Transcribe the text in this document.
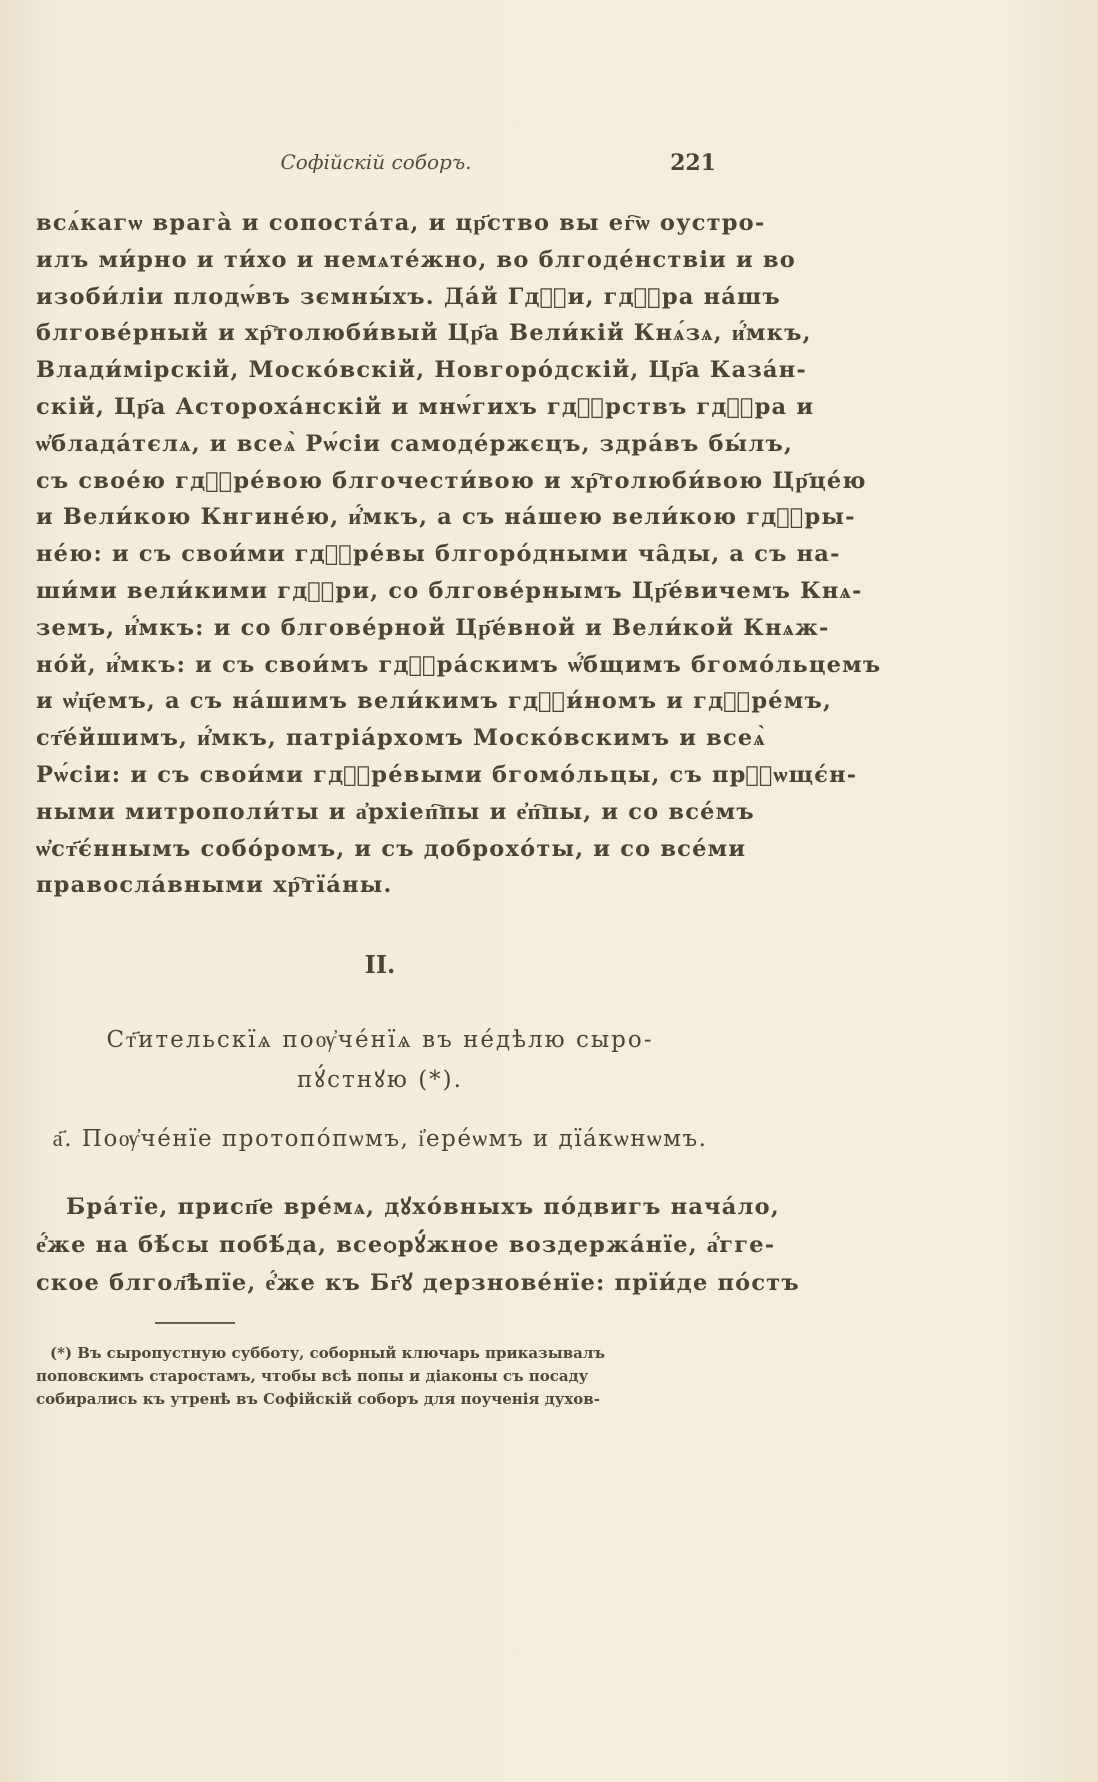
Софійскій соборъ.	221
всѧ́кагѡ врага̀ и сопоста́та, и цр҃ство вы ег҇ѡ оустро-
илъ ми́рно и ти́хо и немѧте́жно, во блгоде́нствіи и во
изоби́ліи плодѡ́въ зємны́хъ. Да́й Гдⷭ҇и, гдⷭ҇ра на́шъ
блгове́рный и хр҇толюби́вый Цр҃а Вели́кій Кнѧ́зѧ, и҆́мкъ,
Влади́мірскій, Моско́вскій, Новгоро́дскій, Цр҃а Каза́н-
скій, Цр҃а Астороха́нскій и мнѡ́гихъ гдⷭ҇рствъ гдⷭ҇ра и
ѡ҆блада́тєлѧ, и всеѧ̀ Рѡ́сіи самоде́ржєцъ, здра́въ бы́лъ,
съ свое́ю гдⷭ҇ре́вою блгочести́вою и хр҇толюби́вою Цр҃це́ю
и Вели́кою Кнгине́ю, и҆́мкъ, а съ на́шею вели́кою гдⷭ҇ры-
не́ю: и съ свои́ми гдⷭ҇ре́вы блгоро́дными ча̑ды, а съ на-
ши́ми вели́кими гдⷭ҇ри, со блгове́рнымъ Цр҃е́вичемъ Кнѧ-
земъ, и҆́мкъ: и со блгове́рной Цр҃е́вной и Вели́кой Кнѧж-
но́й, и҆́мкъ: и съ свои́мъ гдⷭ҇ра́скимъ ѡ҆́бщимъ бгомо́льцемъ
и ѡ҆ц҃емъ, а съ на́шимъ вели́кимъ гдⷭ҇и́номъ и гдⷭ҇ре́мъ,
ст҃е́йшимъ, и҆́мкъ, патріа́рхомъ Моско́вскимъ и всеѧ̀
Рѡ́сіи: и съ свои́ми гдⷭ҇ре́выми бгомо́льцы, съ прⷭ҇ѡщє́н-
ными митрополи́ты и а҆рхіеп҇пы и е҆п҇пы, и со все́мъ
ѡ҆ст҃є́ннымъ собо́ромъ, и съ доброхо́ты, и со все́ми
правосла́вными хр҇тїа́ны.
II.
Ст҃ительскїѧ поѹ҆че́нїѧ въ не́дѣлю сыро-
пꙋ́стнꙋю (*).
а҃. Поѹ҆че́нїе протопо́пѡмъ, і҆ере́ѡмъ и дїа́кѡнѡмъ.
Бра́тїе, присп҃е вре́мѧ, дꙋхо́вныхъ по́двигъ нача́ло,
е҆́же на бѣ́сы побѣ́да, всеѻрꙋ́жное воздержа́нїе, а҆́гге-
ское блгол҃ѣпїе, е҆́же къ Бг҃ꙋ дерзнове́нїе: прїи́де по́стъ
(*) Въ сыропустную субботу, соборный ключарь приказывалъ
поповскимъ старостамъ, чтобы всѣ попы и діаконы съ посаду
собирались къ утренѣ въ Софійскій соборъ для поученія духов-
